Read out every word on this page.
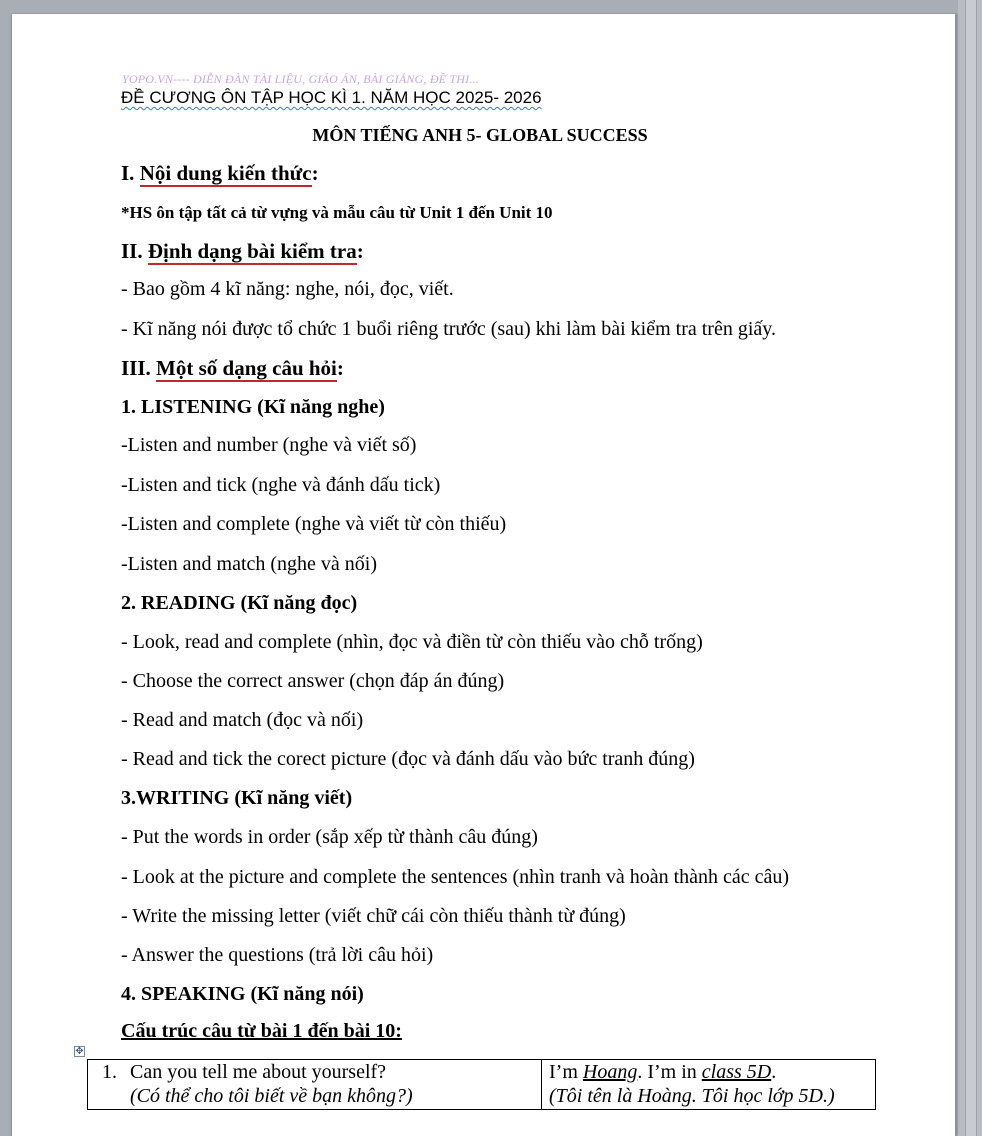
YOPO.VN---- DIỄN ĐÀN TÀI LIỆU, GIÁO ÁN, BÀI GIẢNG, ĐỀ THI...
ĐỀ CƯƠNG ÔN TẬP HỌC KÌ 1. NĂM HỌC 2025- 2026
MÔN TIẾNG ANH 5- GLOBAL SUCCESS
I. Nội dung kiến thức:
*HS ôn tập tất cả từ vựng và mẫu câu từ Unit 1 đến Unit 10
II. Định dạng bài kiểm tra:
- Bao gồm 4 kĩ năng: nghe, nói, đọc, viết.
- Kĩ năng nói được tổ chức 1 buổi riêng trước (sau) khi làm bài kiểm tra trên giấy.
III. Một số dạng câu hỏi:
1. LISTENING (Kĩ năng nghe)
-Listen and number (nghe và viết số)
-Listen and tick (nghe và đánh dấu tick)
-Listen and complete (nghe và viết từ còn thiếu)
-Listen and match (nghe và nối)
2. READING (Kĩ năng đọc)
- Look, read and complete (nhìn, đọc và điền từ còn thiếu vào chỗ trống)
- Choose the correct answer (chọn đáp án đúng)
- Read and match (đọc và nối)
- Read and tick the corect picture (đọc và đánh dấu vào bức tranh đúng)
3.WRITING (Kĩ năng viết)
- Put the words in order (sắp xếp từ thành câu đúng)
- Look at the picture and complete the sentences (nhìn tranh và hoàn thành các câu)
- Write the missing letter (viết chữ cái còn thiếu thành từ đúng)
- Answer the questions (trả lời câu hỏi)
4. SPEAKING (Kĩ năng nói)
Cấu trúc câu từ bài 1 đến bài 10:
✥
1. Can you tell me about yourself?
(Có thể cho tôi biết về bạn không?)
I’m Hoang. I’m in class 5D.
(Tôi tên là Hoàng. Tôi học lớp 5D.)
